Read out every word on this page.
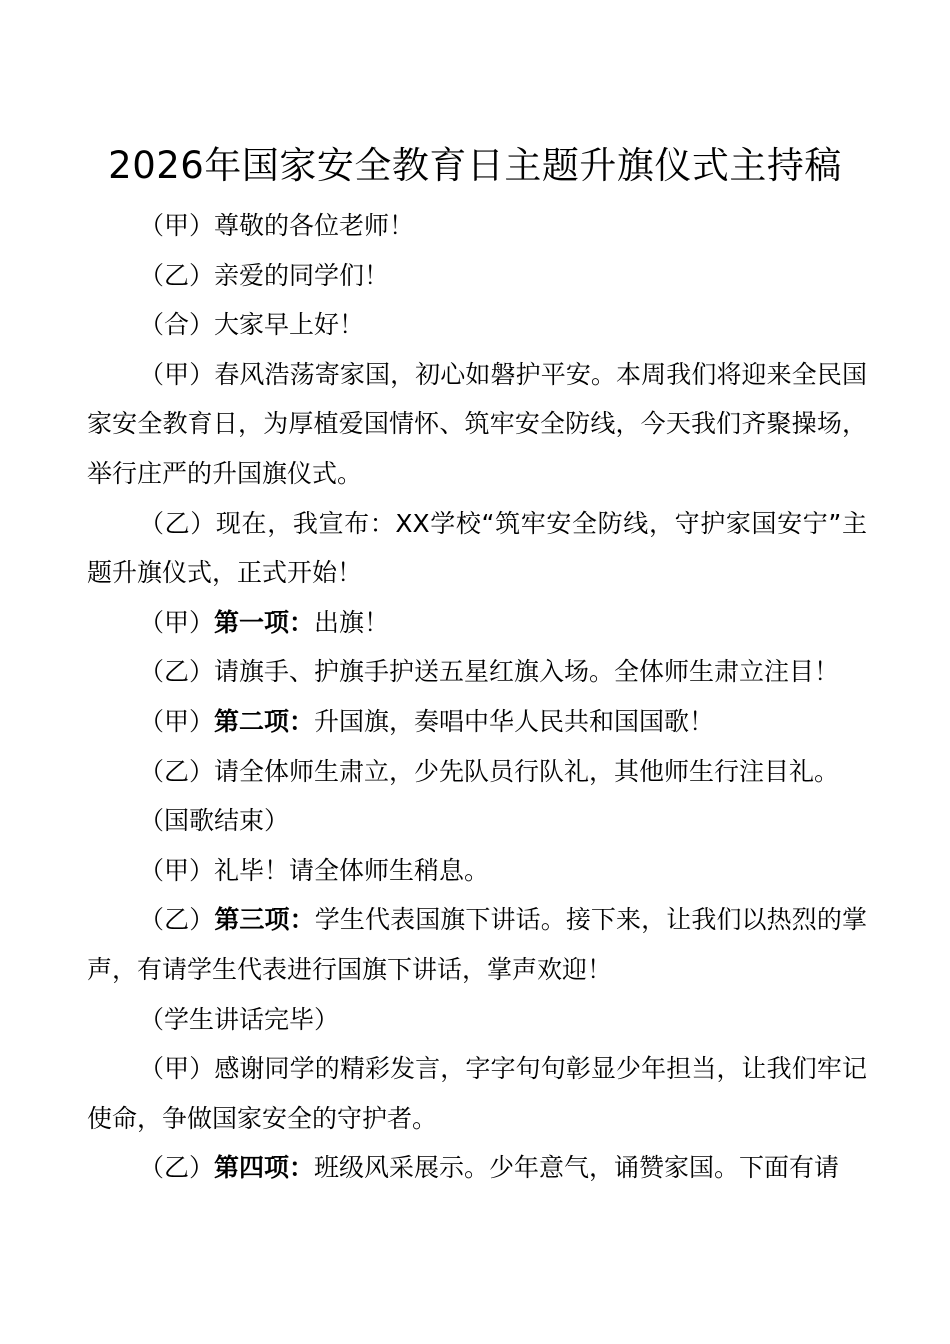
2026年国家安全教育日主题升旗仪式主持稿

（甲）尊敬的各位老师！

（乙）亲爱的同学们！

（合）大家早上好！

（甲）春风浩荡寄家国，初心如磐护平安。本周我们将迎来全民国家安全教育日，为厚植爱国情怀、筑牢安全防线，今天我们齐聚操场，举行庄严的升国旗仪式。

（乙）现在，我宣布：XX学校“筑牢安全防线，守护家国安宁”主题升旗仪式，正式开始！

（甲）第一项：出旗！

（乙）请旗手、护旗手护送五星红旗入场。全体师生肃立注目！

（甲）第二项：升国旗，奏唱中华人民共和国国歌！

（乙）请全体师生肃立，少先队员行队礼，其他师生行注目礼。

（国歌结束）

（甲）礼毕！请全体师生稍息。

（乙）第三项：学生代表国旗下讲话。接下来，让我们以热烈的掌声，有请学生代表进行国旗下讲话，掌声欢迎！

（学生讲话完毕）

（甲）感谢同学的精彩发言，字字句句彰显少年担当，让我们牢记使命，争做国家安全的守护者。

（乙）第四项：班级风采展示。少年意气，诵赞家国。下面有请
